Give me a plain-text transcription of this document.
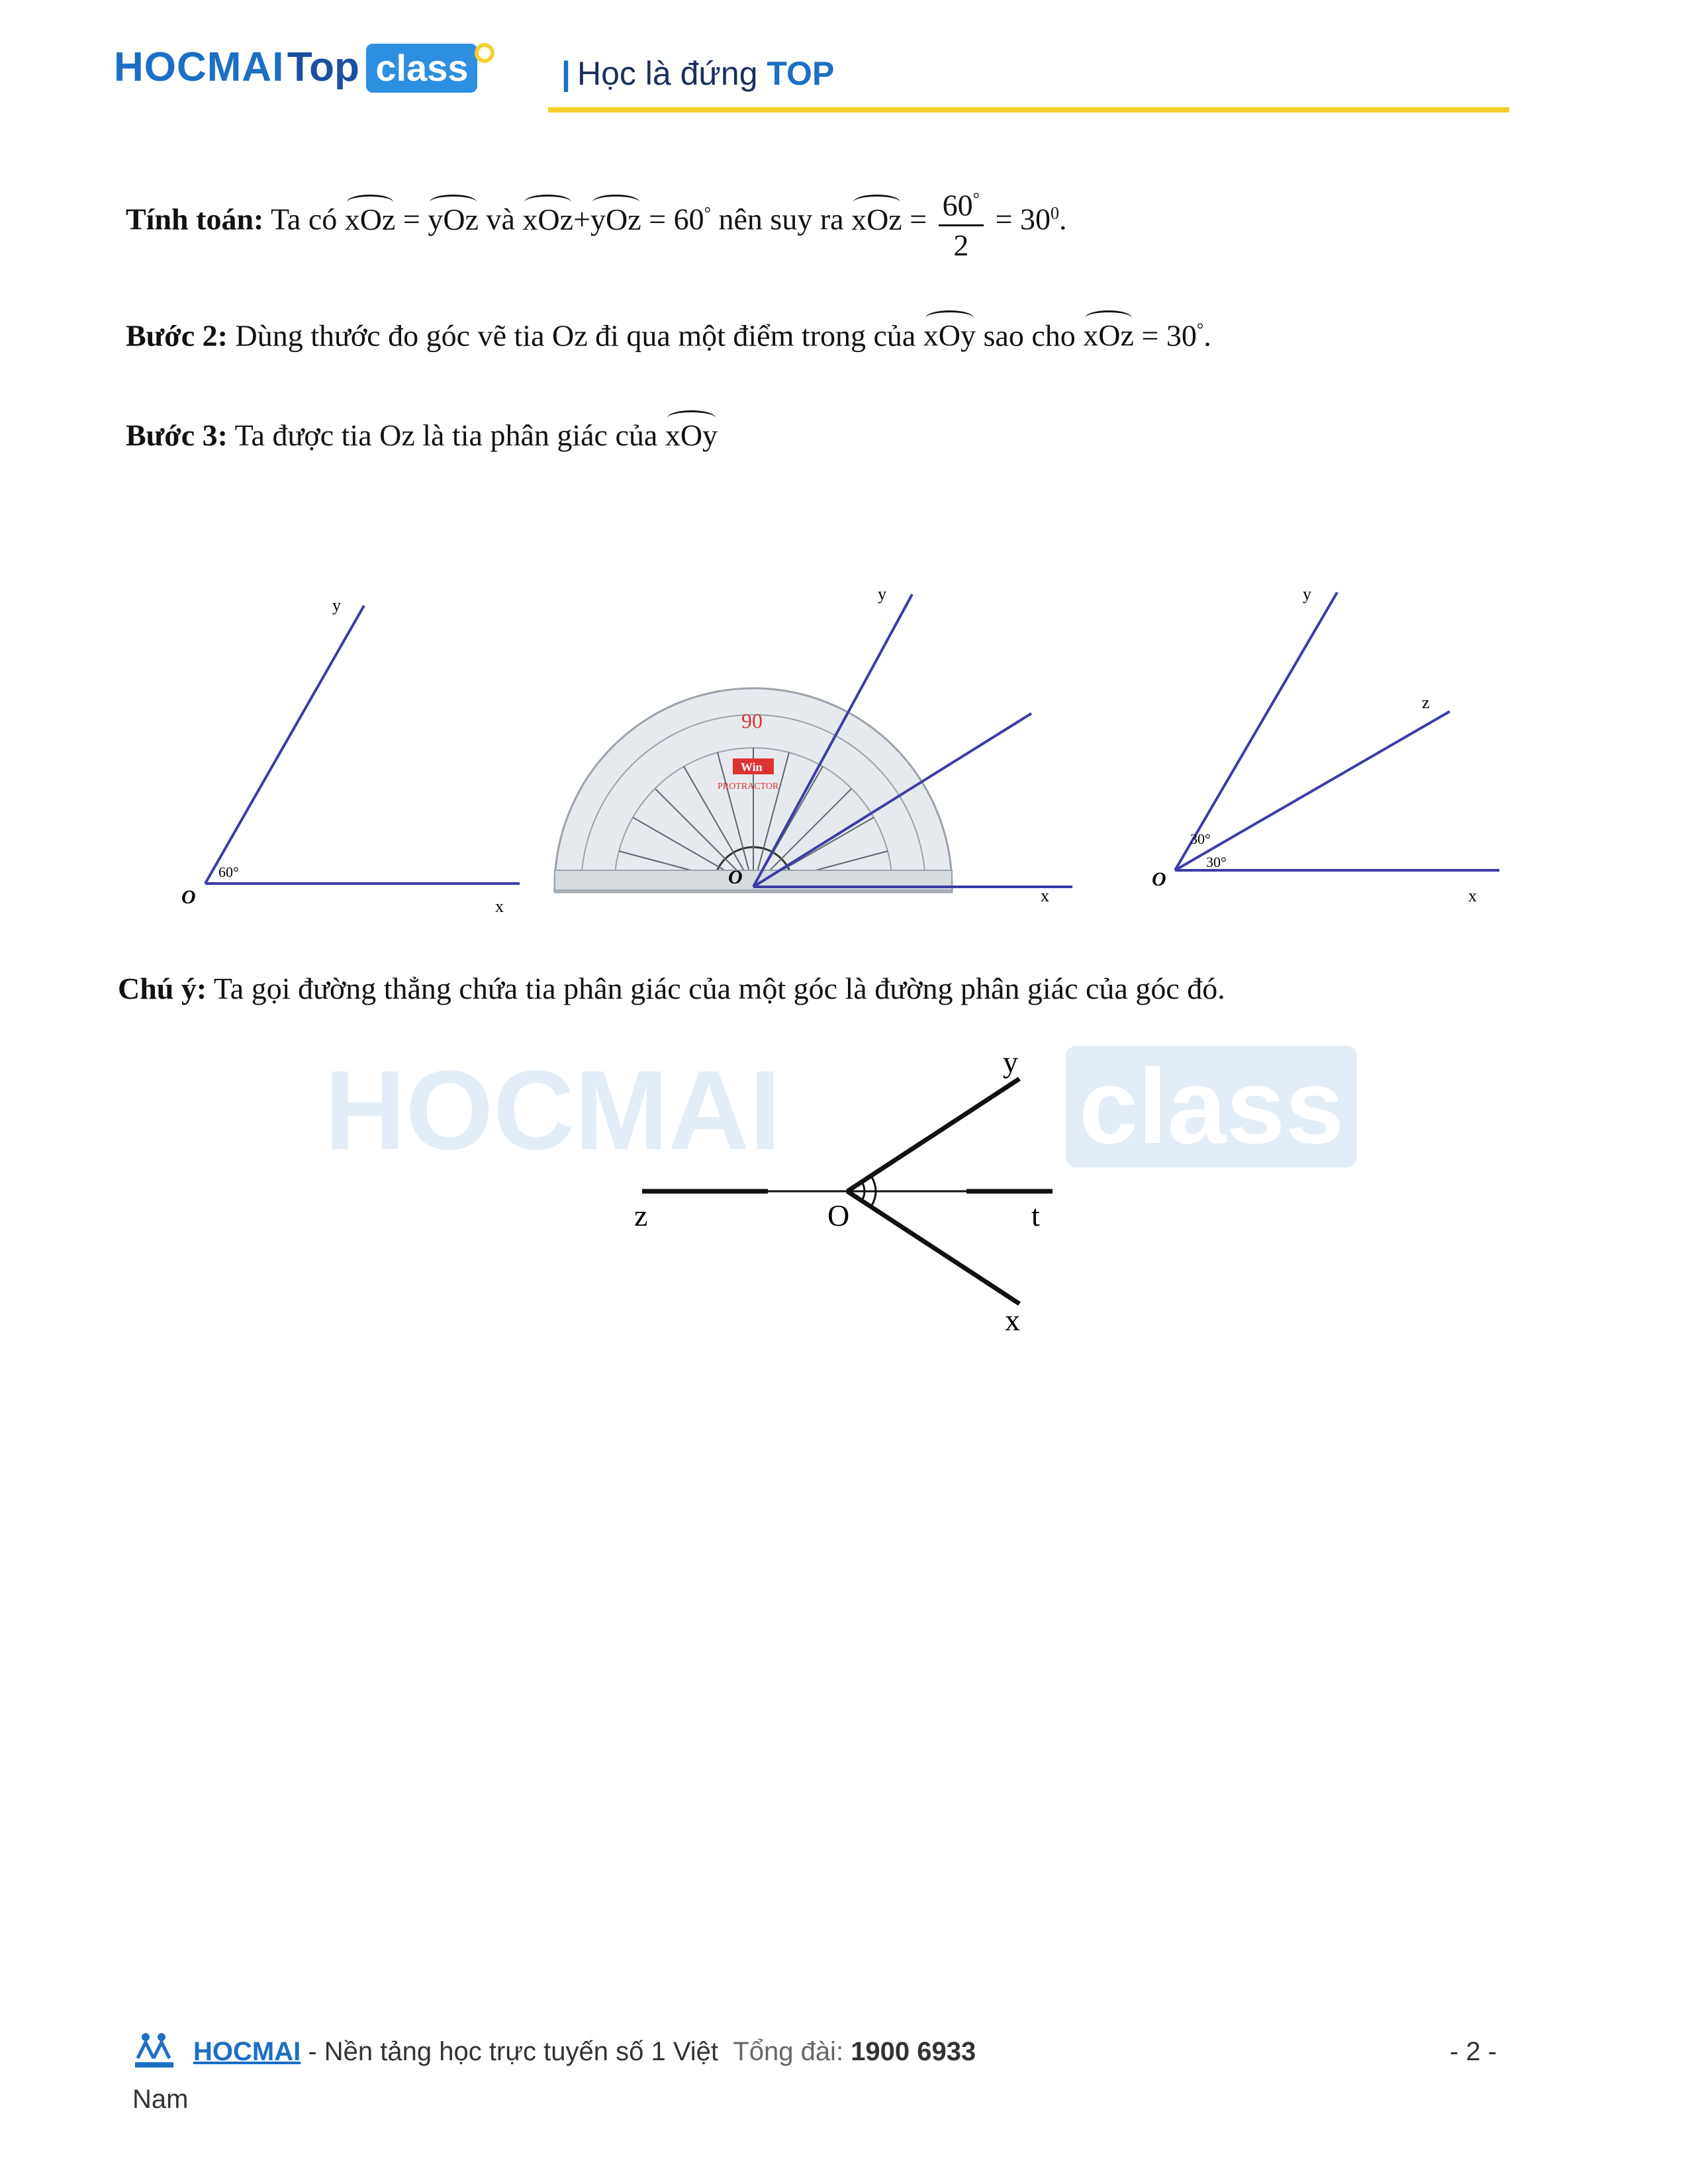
HOCMAI Top class	| Học là đứng TOP
Tính toán: Ta có xOz = yOz và xOz+yOz = 60° nên suy ra xOz = $\frac{60^\circ}{2} = 30^0$.
Bước 2: Dùng thước đo góc vẽ tia Oz đi qua một điểm trong của xOy sao cho xOz = 30°.
Bước 3: Ta được tia Oz là tia phân giác của xOy
y
O	x
60°
90
Win
PROTRACTOR
y
O
x
y
z
O
x
30°
30°
Chú ý: Ta gọi đường thẳng chứa tia phân giác của một góc là đường phân giác của góc đó.
HOCMAI	class
y
z	O	t
x
HOCMAI - Nền tảng học trực tuyến số 1 Việt Tổng đài: 1900 6933	- 2 -
Nam
